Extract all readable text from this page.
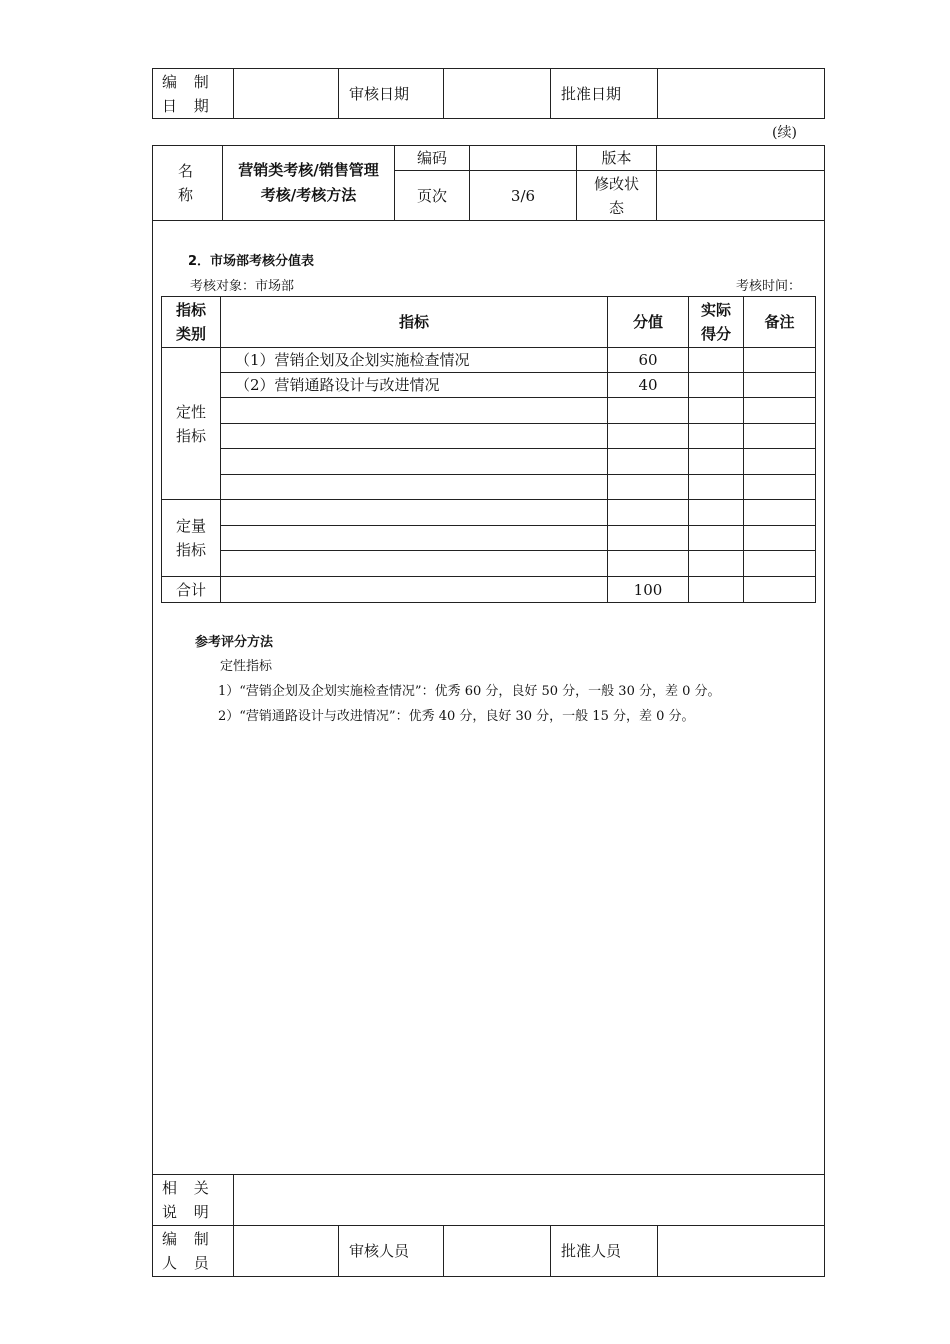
编 制 日 期		审核日期		批准日期	
(续)
名 称	营销类考核/销售管理考核/考核方法	编码		版本	
		页次	3/6	修改状态	
2．市场部考核分值表
考核对象：市场部	考核时间：
指标类别	指标	分值	实际得分	备注
定性指标	（1）营销企划及企划实施检查情况	60		
	（2）营销通路设计与改进情况	40		

定量指标				

合计		100		
参考评分方法
定性指标
1）“营销企划及企划实施检查情况”：优秀 60 分，良好 50 分，一般 30 分，差 0 分。
2）“营销通路设计与改进情况”：优秀 40 分，良好 30 分，一般 15 分，差 0 分。
相 关 说 明					
编 制 人 员		审核人员		批准人员	
